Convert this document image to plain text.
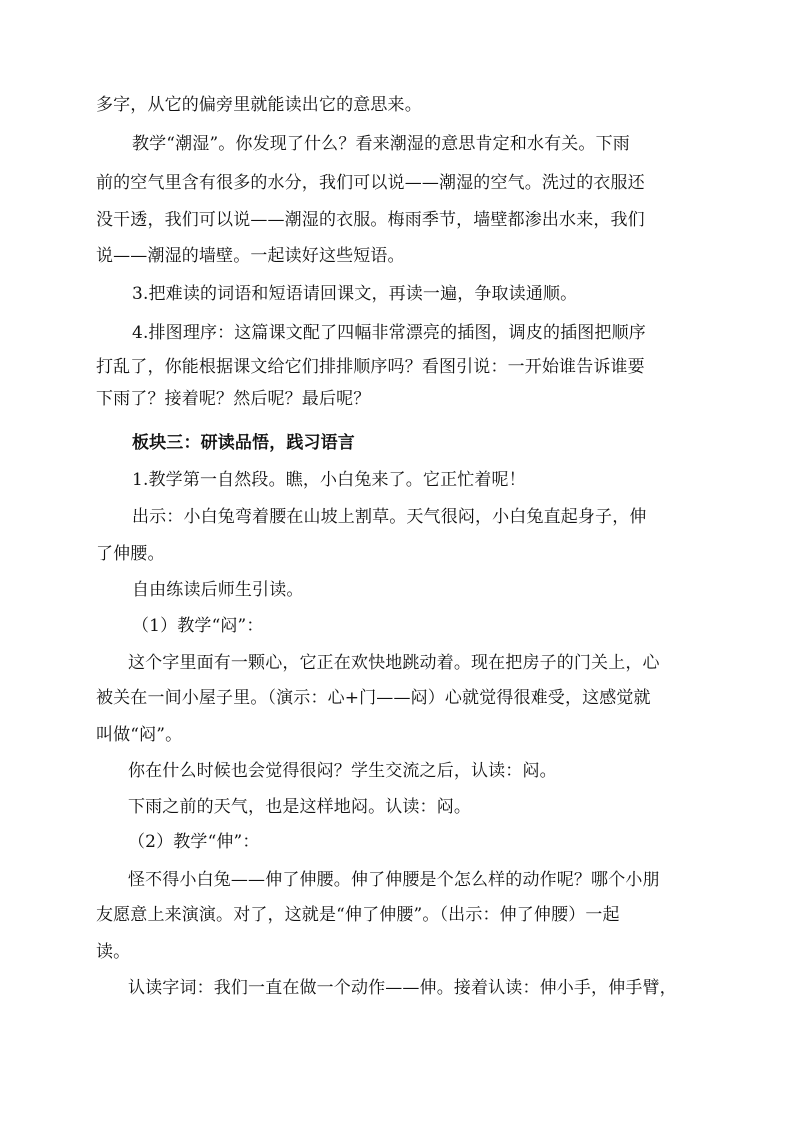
多字，从它的偏旁里就能读出它的意思来。
教学“潮湿”。你发现了什么？看来潮湿的意思肯定和水有关。下雨
前的空气里含有很多的水分，我们可以说——潮湿的空气。洗过的衣服还
没干透，我们可以说——潮湿的衣服。梅雨季节，墙壁都渗出水来，我们
说——潮湿的墙壁。一起读好这些短语。
3.把难读的词语和短语请回课文，再读一遍，争取读通顺。
4.排图理序：这篇课文配了四幅非常漂亮的插图，调皮的插图把顺序
打乱了，你能根据课文给它们排排顺序吗？看图引说：一开始谁告诉谁要
下雨了？接着呢？然后呢？最后呢？
板块三：研读品悟，践习语言
1.教学第一自然段。瞧，小白兔来了。它正忙着呢！
出示：小白兔弯着腰在山坡上割草。天气很闷，小白兔直起身子，伸
了伸腰。
自由练读后师生引读。
（1）教学“闷”：
这个字里面有一颗心，它正在欢快地跳动着。现在把房子的门关上，心
被关在一间小屋子里。（演示：心+门——闷）心就觉得很难受，这感觉就
叫做“闷”。
你在什么时候也会觉得很闷？学生交流之后，认读：闷。
下雨之前的天气，也是这样地闷。认读：闷。
（2）教学“伸”：
怪不得小白兔——伸了伸腰。伸了伸腰是个怎么样的动作呢？哪个小朋
友愿意上来演演。对了，这就是“伸了伸腰”。（出示：伸了伸腰）一起
读。
认读字词：我们一直在做一个动作——伸。接着认读：伸小手，伸手臂，
